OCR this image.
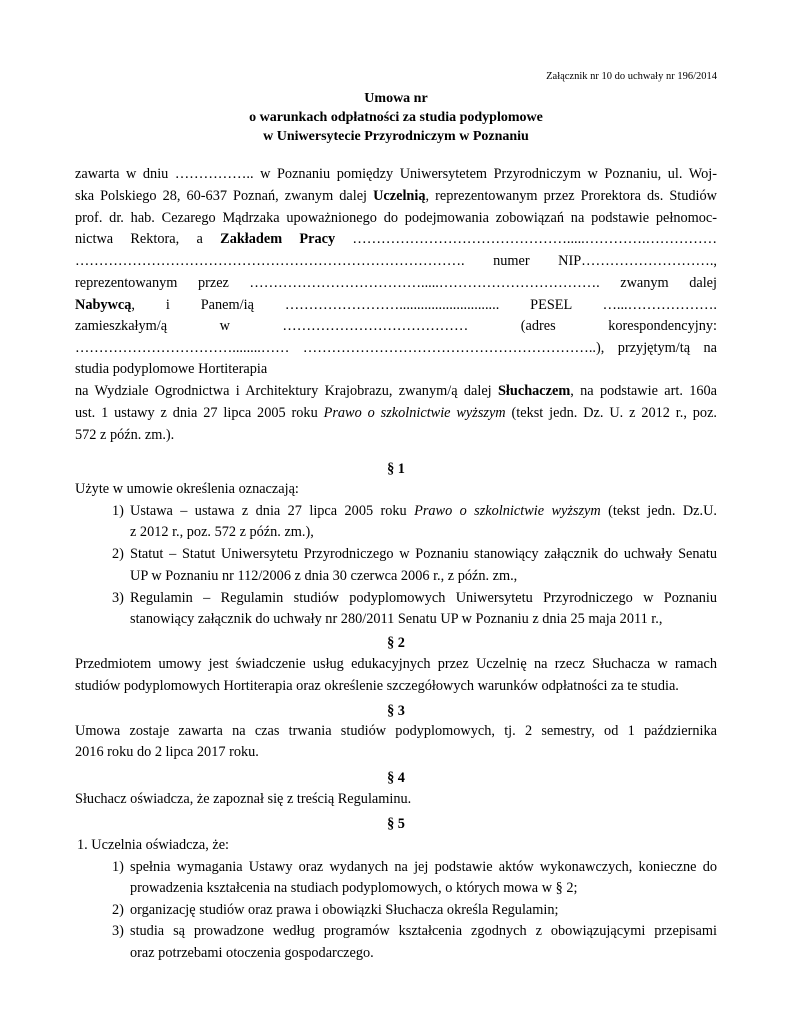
Załącznik nr 10 do uchwały nr 196/2014
Umowa nr
o warunkach odpłatności za studia podyplomowe
w Uniwersytecie Przyrodniczym w Poznaniu
zawarta w dniu …………….. w Poznaniu pomiędzy Uniwersytetem Przyrodniczym w Poznaniu, ul. Woj-
ska Polskiego 28, 60-637 Poznań, zwanym dalej Uczelnią, reprezentowanym przez Prorektora ds. Studiów
prof. dr. hab. Cezarego Mądrzaka upoważnionego do podejmowania zobowiązań na podstawie pełnomoc-
nictwa Rektora, a Zakładem Pracy ……………………………………….....………….……………
………………………………………………………………………. numer NIP……………………….,
reprezentowanym przez ……………………………….....……………………………. zwanym dalej
Nabywcą, i Panem/ią ……………………............................ PESEL …...……………….
zamieszkałym/ą w ………………………………… (adres korespondencyjny:
……………………………........…… ……………………………………………………..), przyjętym/tą na
studia podyplomowe Hortiterapia
na Wydziale Ogrodnictwa i Architektury Krajobrazu, zwanym/ą dalej Słuchaczem, na podstawie art. 160a
ust. 1 ustawy z dnia 27 lipca 2005 roku Prawo o szkolnictwie wyższym (tekst jedn. Dz. U. z 2012 r., poz.
572 z późn. zm.).
§ 1
Użyte w umowie określenia oznaczają:
1) Ustawa – ustawa z dnia 27 lipca 2005 roku Prawo o szkolnictwie wyższym (tekst jedn. Dz.U.
z 2012 r., poz. 572 z późn. zm.),
2) Statut – Statut Uniwersytetu Przyrodniczego w Poznaniu stanowiący załącznik do uchwały Senatu
UP w Poznaniu nr 112/2006 z dnia 30 czerwca 2006 r., z późn. zm.,
3) Regulamin – Regulamin studiów podyplomowych Uniwersytetu Przyrodniczego w Poznaniu
stanowiący załącznik do uchwały nr 280/2011 Senatu UP w Poznaniu z dnia 25 maja 2011 r.,
§ 2
Przedmiotem umowy jest świadczenie usług edukacyjnych przez Uczelnię na rzecz Słuchacza w ramach
studiów podyplomowych Hortiterapia oraz określenie szczegółowych warunków odpłatności za te studia.
§ 3
Umowa zostaje zawarta na czas trwania studiów podyplomowych, tj. 2 semestry, od 1 października
2016 roku do 2 lipca 2017 roku.
§ 4
Słuchacz oświadcza, że zapoznał się z treścią Regulaminu.
§ 5
1. Uczelnia oświadcza, że:
1) spełnia wymagania Ustawy oraz wydanych na jej podstawie aktów wykonawczych, konieczne do
prowadzenia kształcenia na studiach podyplomowych, o których mowa w § 2;
2) organizację studiów oraz prawa i obowiązki Słuchacza określa Regulamin;
3) studia są prowadzone według programów kształcenia zgodnych z obowiązującymi przepisami
oraz potrzebami otoczenia gospodarczego.
